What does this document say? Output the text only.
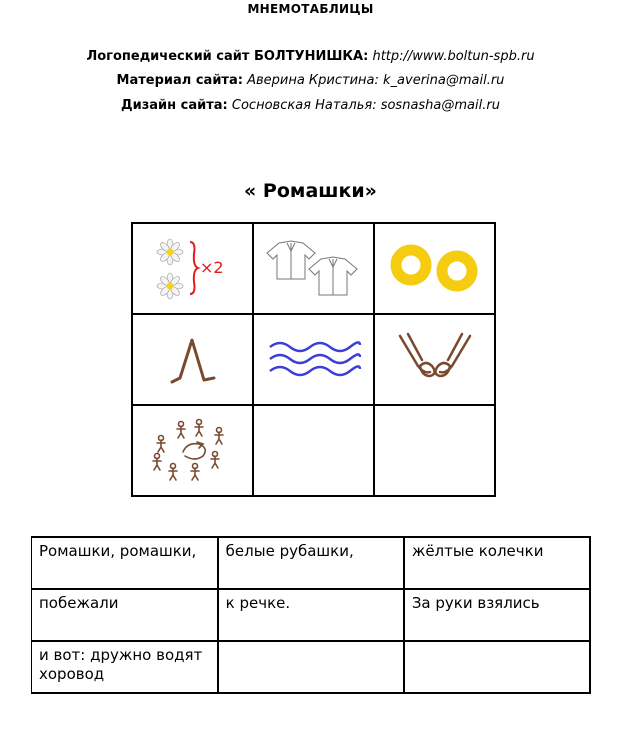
МНЕМОТАБЛИЦЫ
Логопедический сайт БОЛТУНИШКА: http://www.boltun-spb.ru
Материал сайта: Аверина Кристина: k_averina@mail.ru
Дизайн сайта: Сосновская Наталья: sosnasha@mail.ru
« Ромашки»
×2

Ромашки, ромашки,	белые рубашки,	жёлтые колечки
побежали	к речке.	За руки взялись
и вот: дружно водят хоровод		
